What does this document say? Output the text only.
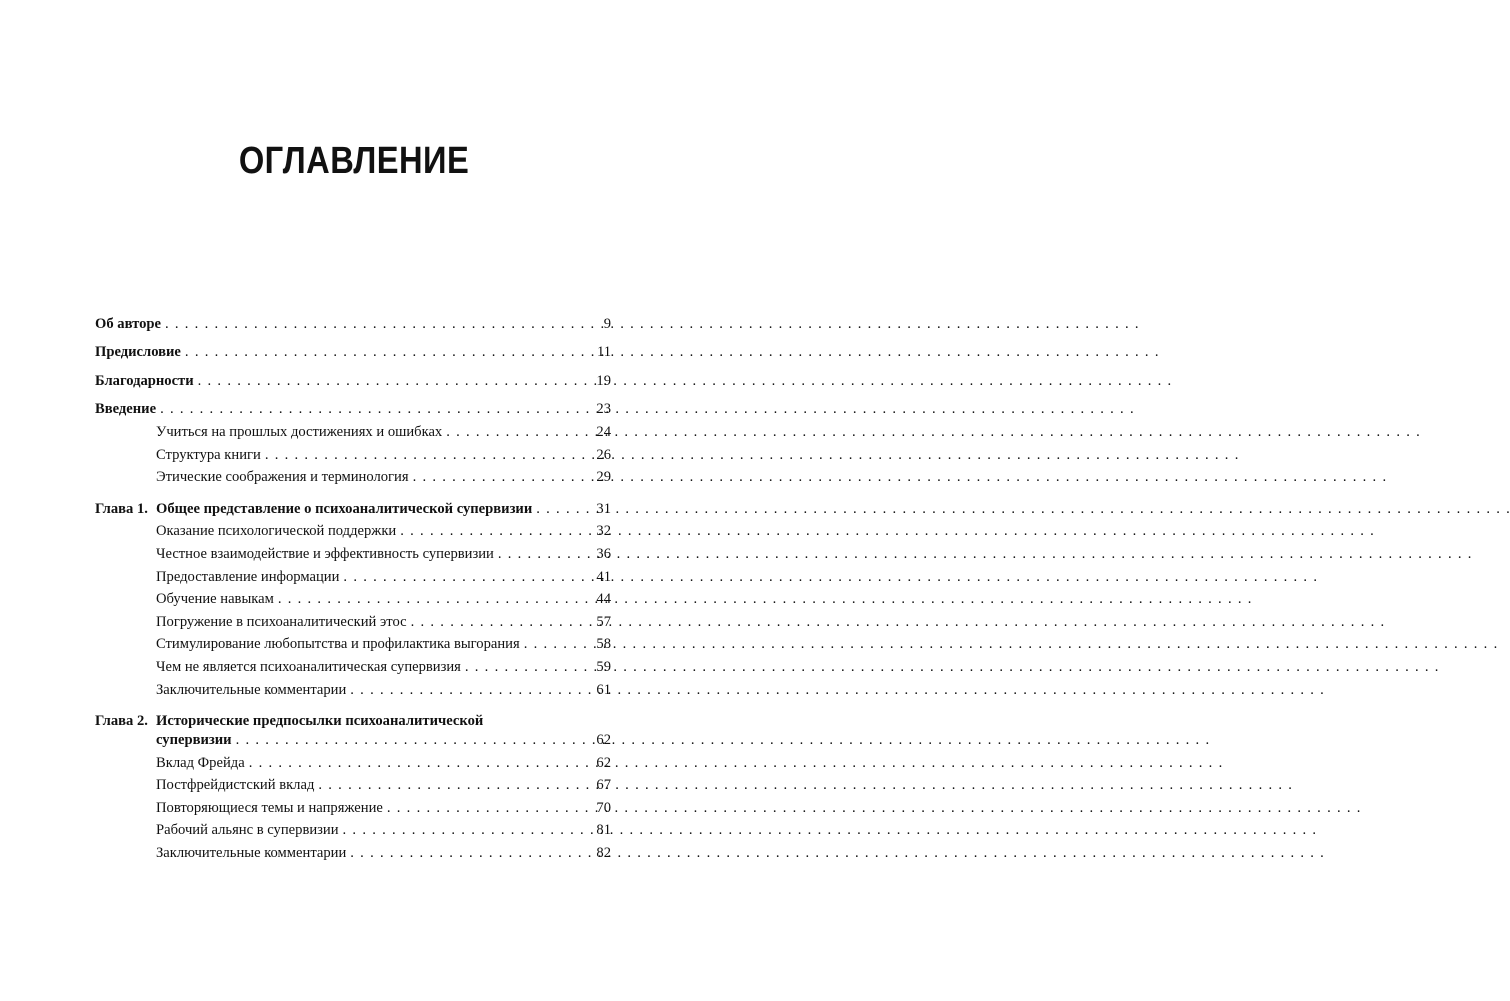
ОГЛАВЛЕНИЕ
Об авторе . . .	9
Предисловие . . .	11
Благодарности . . .	19
Введение . . .	23
Учиться на прошлых достижениях и ошибках . . .	24
Структура книги . . .	26
Этические соображения и терминология . . .	29
Глава 1. Общее представление о психоаналитической супервизии . . .	31
Оказание психологической поддержки . . .	32
Честное взаимодействие и эффективность супервизии . . .	36
Предоставление информации . . .	41
Обучение навыкам . . .	44
Погружение в психоаналитический этос . . .	57
Стимулирование любопытства и профилактика выгорания . . .	58
Чем не является психоаналитическая супервизия . . .	59
Заключительные комментарии . . .	61
Глава 2. Исторические предпосылки психоаналитической
супервизии . . .	62
Вклад Фрейда . . .	62
Постфрейдистский вклад . . .	67
Повторяющиеся темы и напряжение . . .	70
Рабочий альянс в супервизии . . .	81
Заключительные комментарии . . .	82
